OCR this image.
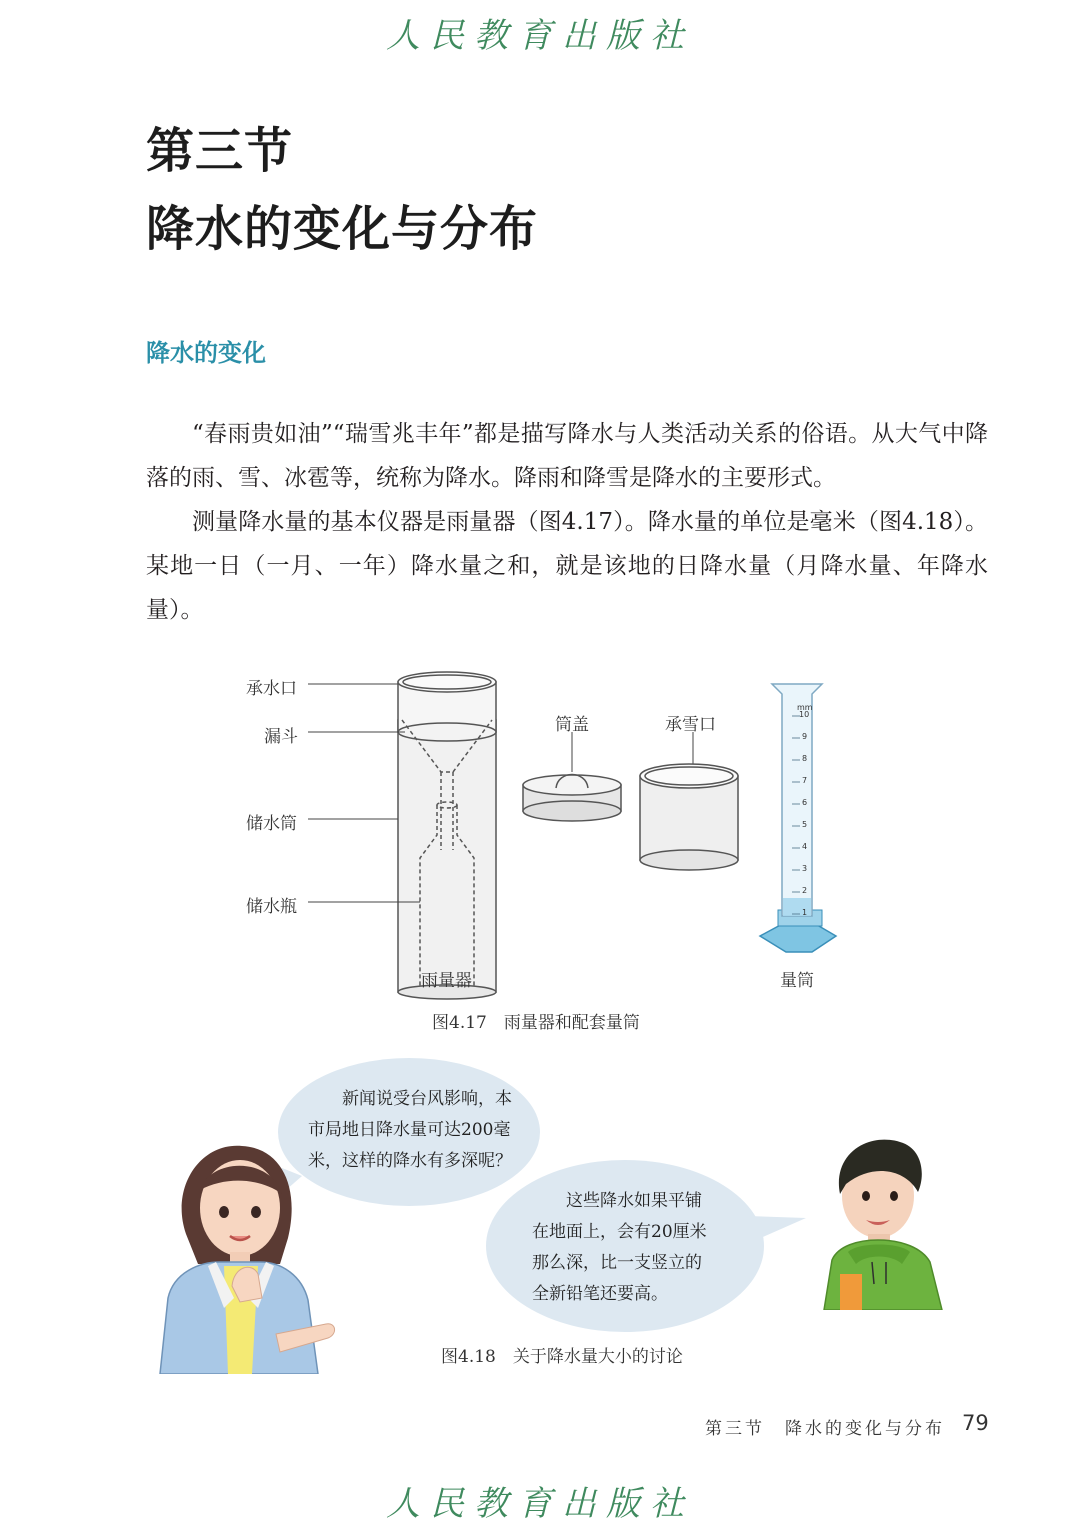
人民教育出版社
第三节
降水的变化与分布
降水的变化
“春雨贵如油”“瑞雪兆丰年”都是描写降水与人类活动关系的俗语。从大气中降落的雨、雪、冰雹等，统称为降水。降雨和降雪是降水的主要形式。
测量降水量的基本仪器是雨量器（图4.17）。降水量的单位是毫米（图4.18）。某地一日（一月、一年）降水量之和，就是该地的日降水量（月降水量、年降水量）。
承水口
漏斗
储水筒
储水瓶
筒盖	承雪口
雨量器	量筒
mm
10
9
8
7
6
5
4
3
2
1
图4.17　雨量器和配套量筒
新闻说受台风影响，本
市局地日降水量可达200毫
米，这样的降水有多深呢？
这些降水如果平铺
在地面上，会有20厘米
那么深，比一支竖立的
全新铅笔还要高。
图4.18　关于降水量大小的讨论
第三节　降水的变化与分布 79
人民教育出版社
